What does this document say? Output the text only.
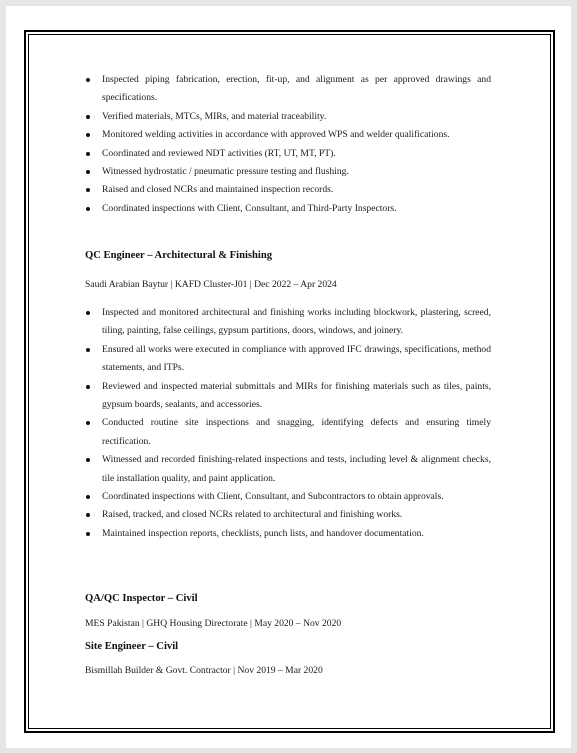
Inspected piping fabrication, erection, fit-up, and alignment as per approved drawings and specifications.
Verified materials, MTCs, MIRs, and material traceability.
Monitored welding activities in accordance with approved WPS and welder qualifications.
Coordinated and reviewed NDT activities (RT, UT, MT, PT).
Witnessed hydrostatic / pneumatic pressure testing and flushing.
Raised and closed NCRs and maintained inspection records.
Coordinated inspections with Client, Consultant, and Third-Party Inspectors.
QC Engineer – Architectural & Finishing
Saudi Arabian Baytur | KAFD Cluster-J01 | Dec 2022 – Apr 2024
Inspected and monitored architectural and finishing works including blockwork, plastering, screed, tiling, painting, false ceilings, gypsum partitions, doors, windows, and joinery.
Ensured all works were executed in compliance with approved IFC drawings, specifications, method statements, and ITPs.
Reviewed and inspected material submittals and MIRs for finishing materials such as tiles, paints, gypsum boards, sealants, and accessories.
Conducted routine site inspections and snagging, identifying defects and ensuring timely rectification.
Witnessed and recorded finishing-related inspections and tests, including level & alignment checks, tile installation quality, and paint application.
Coordinated inspections with Client, Consultant, and Subcontractors to obtain approvals.
Raised, tracked, and closed NCRs related to architectural and finishing works.
Maintained inspection reports, checklists, punch lists, and handover documentation.
QA/QC Inspector – Civil
MES Pakistan | GHQ Housing Directorate | May 2020 – Nov 2020
Site Engineer – Civil
Bismillah Builder & Govt. Contractor | Nov 2019 – Mar 2020
